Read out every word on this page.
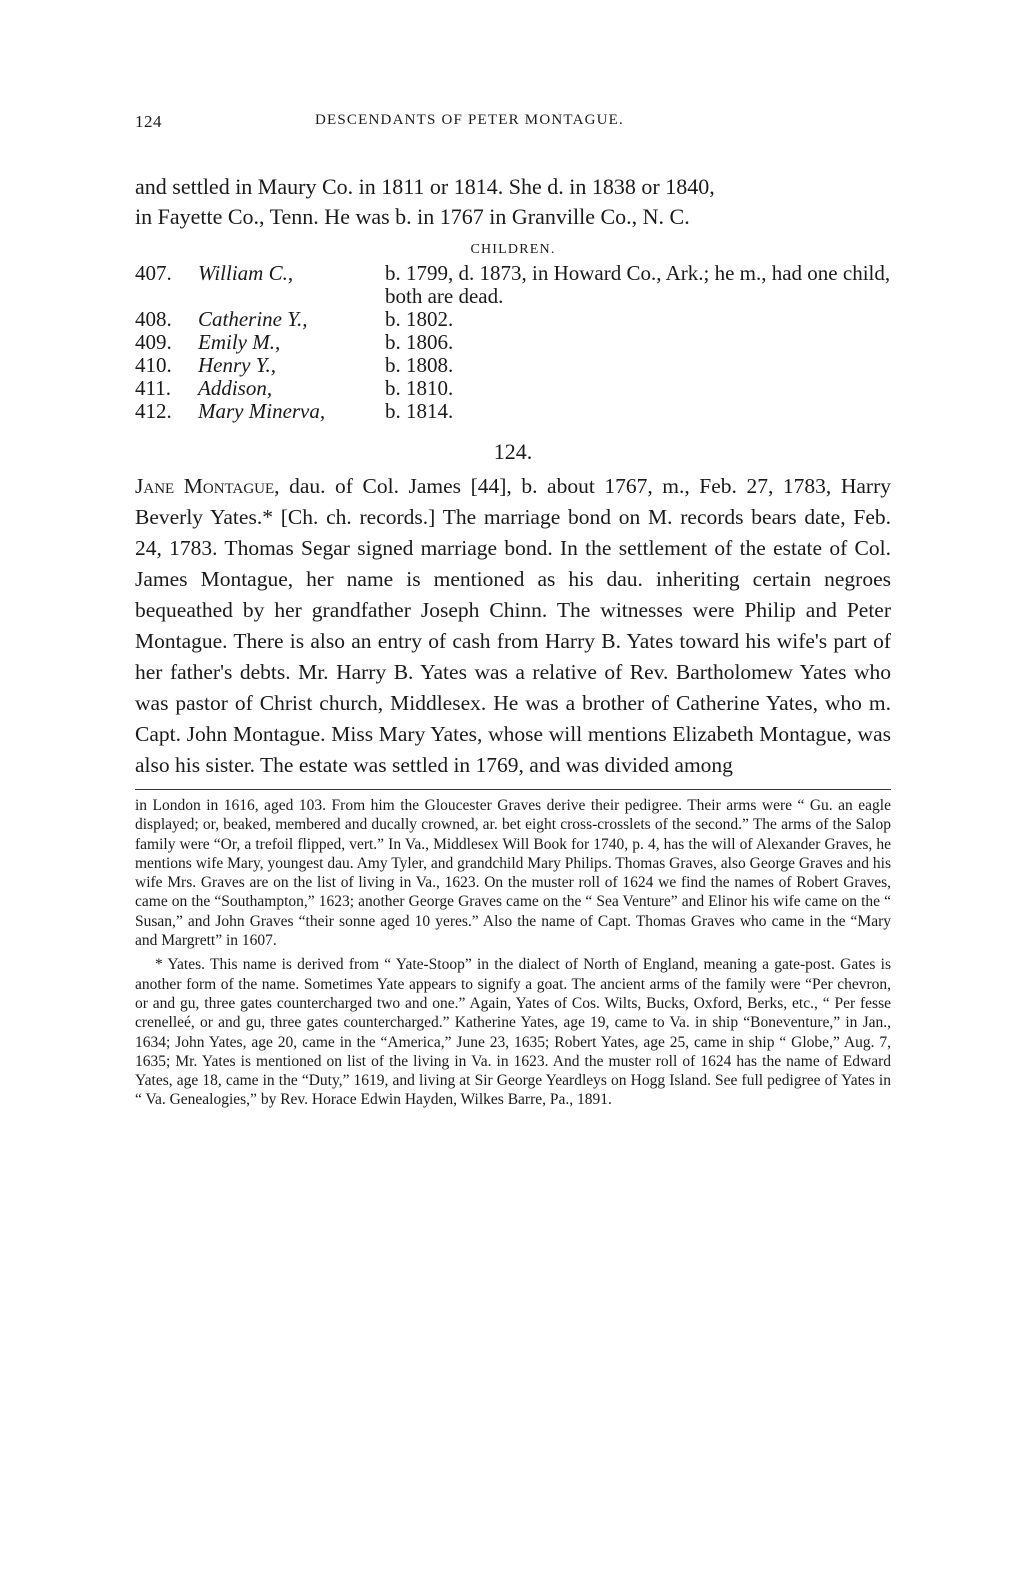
124	DESCENDANTS OF PETER MONTAGUE.
and settled in Maury Co. in 1811 or 1814. She d. in 1838 or 1840,
in Fayette Co., Tenn. He was b. in 1767 in Granville Co., N. C.
CHILDREN.
407.	William C.,	b. 1799, d. 1873, in Howard Co., Ark.; he m., had one child, both are dead.
408.	Catherine Y.,	b. 1802.
409.	Emily M.,	b. 1806.
410.	Henry Y.,	b. 1808.
411.	Addison,	b. 1810.
412.	Mary Minerva,	b. 1814.
124.
Jane Montague, dau. of Col. James [44], b. about 1767, m., Feb. 27, 1783, Harry Beverly Yates.* [Ch. ch. records.] The marriage bond on M. records bears date, Feb. 24, 1783. Thomas Segar signed marriage bond. In the settlement of the estate of Col. James Montague, her name is mentioned as his dau. inheriting certain negroes bequeathed by her grandfather Joseph Chinn. The witnesses were Philip and Peter Montague. There is also an entry of cash from Harry B. Yates toward his wife's part of her father's debts. Mr. Harry B. Yates was a relative of Rev. Bartholomew Yates who was pastor of Christ church, Middlesex. He was a brother of Catherine Yates, who m. Capt. John Montague. Miss Mary Yates, whose will mentions Elizabeth Montague, was also his sister. The estate was settled in 1769, and was divided among
in London in 1616, aged 103. From him the Gloucester Graves derive their pedigree. Their arms were “ Gu. an eagle displayed; or, beaked, membered and ducally crowned, ar. bet eight cross-crosslets of the second.” The arms of the Salop family were “Or, a trefoil flipped, vert.” In Va., Middlesex Will Book for 1740, p. 4, has the will of Alexander Graves, he mentions wife Mary, youngest dau. Amy Tyler, and grandchild Mary Philips. Thomas Graves, also George Graves and his wife Mrs. Graves are on the list of living in Va., 1623. On the muster roll of 1624 we find the names of Robert Graves, came on the “Southampton,” 1623; another George Graves came on the “ Sea Venture” and Elinor his wife came on the “ Susan,” and John Graves “their sonne aged 10 yeres.” Also the name of Capt. Thomas Graves who came in the “Mary and Margrett” in 1607.
* Yates. This name is derived from “ Yate-Stoop” in the dialect of North of England, meaning a gate-post. Gates is another form of the name. Sometimes Yate appears to signify a goat. The ancient arms of the family were “Per chevron, or and gu, three gates countercharged two and one.” Again, Yates of Cos. Wilts, Bucks, Oxford, Berks, etc., “ Per fesse crenelleé, or and gu, three gates countercharged.” Katherine Yates, age 19, came to Va. in ship “Boneventure,” in Jan., 1634; John Yates, age 20, came in the “America,” June 23, 1635; Robert Yates, age 25, came in ship “ Globe,” Aug. 7, 1635; Mr. Yates is mentioned on list of the living in Va. in 1623. And the muster roll of 1624 has the name of Edward Yates, age 18, came in the “Duty,” 1619, and living at Sir George Yeardleys on Hogg Island. See full pedigree of Yates in “ Va. Genealogies,” by Rev. Horace Edwin Hayden, Wilkes Barre, Pa., 1891.
